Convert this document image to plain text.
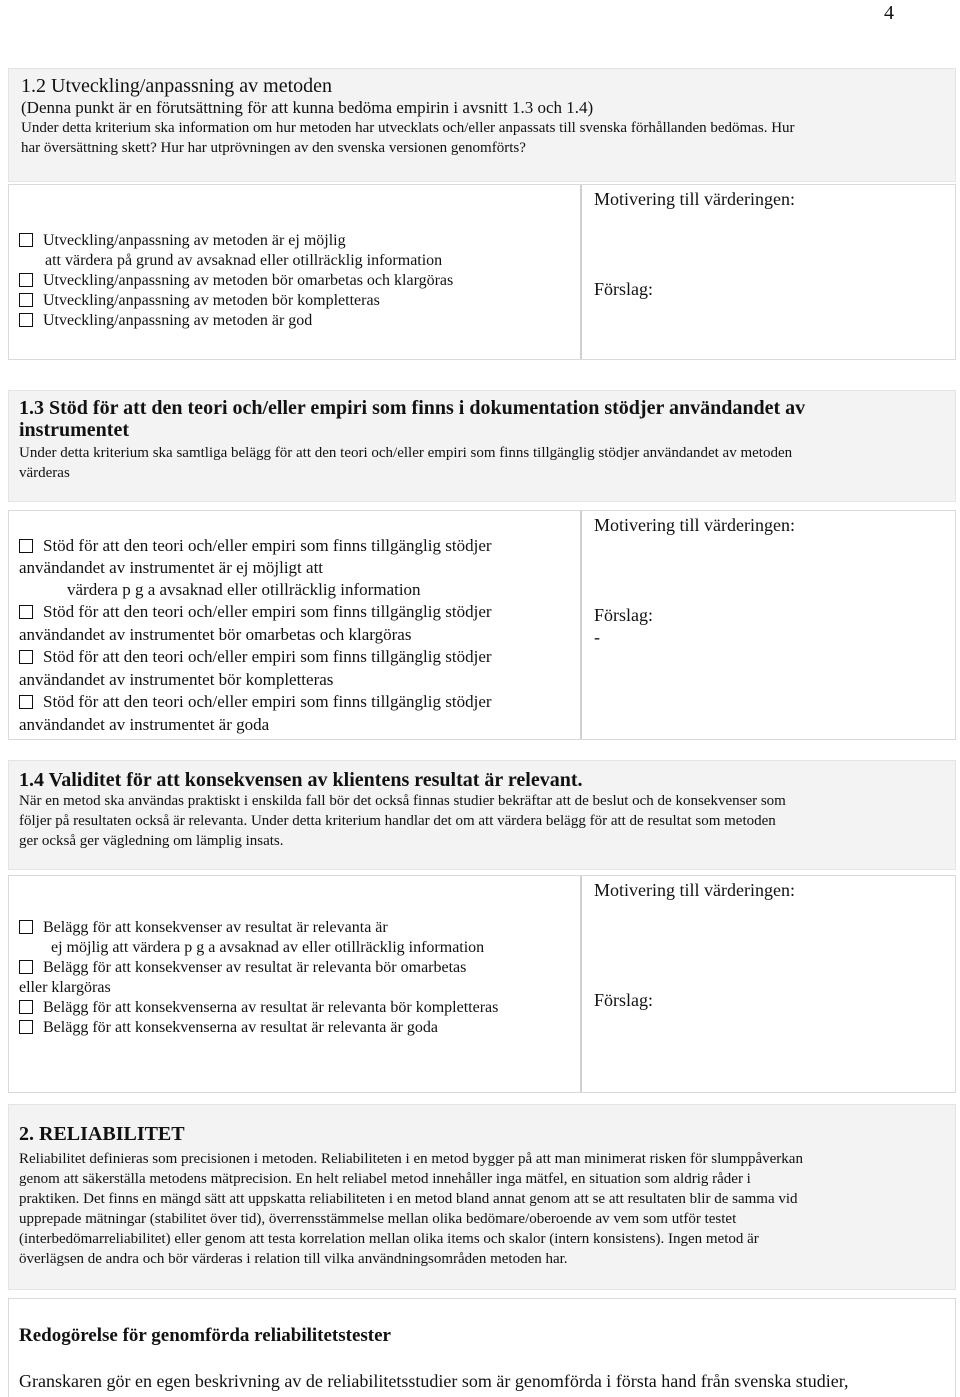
4

1.2 Utveckling/anpassning av metoden

(Denna punkt är en förutsättning för att kunna bedöma empirin i avsnitt 1.3 och 1.4)

Under detta kriterium ska information om hur metoden har utvecklats och/eller anpassats till svenska förhållanden bedömas. Hur

har översättning skett? Hur har utprövningen av den svenska versionen genomförts?

Utveckling/anpassning av metoden är ej möjlig
att värdera på grund av avsaknad eller otillräcklig information
Utveckling/anpassning av metoden bör omarbetas och klargöras
Utveckling/anpassning av metoden bör kompletteras
Utveckling/anpassning av metoden är god
Motivering till värderingen:
Förslag:

1.3 Stöd för att den teori och/eller empiri som finns i dokumentation stödjer användandet av

instrumentet

Under detta kriterium ska samtliga belägg för att den teori och/eller empiri som finns tillgänglig stödjer användandet av metoden

värderas

Stöd för att den teori och/eller empiri som finns tillgänglig stödjer
användandet av instrumentet är ej möjligt att
värdera p g a avsaknad eller otillräcklig information
Stöd för att den teori och/eller empiri som finns tillgänglig stödjer
användandet av instrumentet bör omarbetas och klargöras
Stöd för att den teori och/eller empiri som finns tillgänglig stödjer
användandet av instrumentet bör kompletteras
Stöd för att den teori och/eller empiri som finns tillgänglig stödjer
användandet av instrumentet är goda
Motivering till värderingen:
Förslag:
-

1.4 Validitet för att konsekvensen av klientens resultat är relevant.

När en metod ska användas praktiskt i enskilda fall bör det också finnas studier bekräftar att de beslut och de konsekvenser som

följer på resultaten också är relevanta. Under detta kriterium handlar det om att värdera belägg för att de resultat som metoden

ger också ger vägledning om lämplig insats.

Belägg för att konsekvenser av resultat är relevanta är
ej möjlig att värdera p g a avsaknad av eller otillräcklig information
Belägg för att konsekvenser av resultat är relevanta bör omarbetas
eller klargöras
Belägg för att konsekvenserna av resultat är relevanta bör kompletteras
Belägg för att konsekvenserna av resultat är relevanta är goda
Motivering till värderingen:
Förslag:

2. RELIABILITET

Reliabilitet definieras som precisionen i metoden. Reliabiliteten i en metod bygger på att man minimerat risken för slumppåverkan

genom att säkerställa metodens mätprecision. En helt reliabel metod innehåller inga mätfel, en situation som aldrig råder i

praktiken. Det finns en mängd sätt att uppskatta reliabiliteten i en metod bland annat genom att se att resultaten blir de samma vid

upprepade mätningar (stabilitet över tid), överrensstämmelse mellan olika bedömare/oberoende av vem som utför testet

(interbedömarreliabilitet) eller genom att testa korrelation mellan olika items och skalor (intern konsistens). Ingen metod är

överlägsen de andra och bör värderas i relation till vilka användningsområden metoden har.

Redogörelse för genomförda reliabilitetstester
Granskaren gör en egen beskrivning av de reliabilitetsstudier som är genomförda i första hand från svenska studier,
